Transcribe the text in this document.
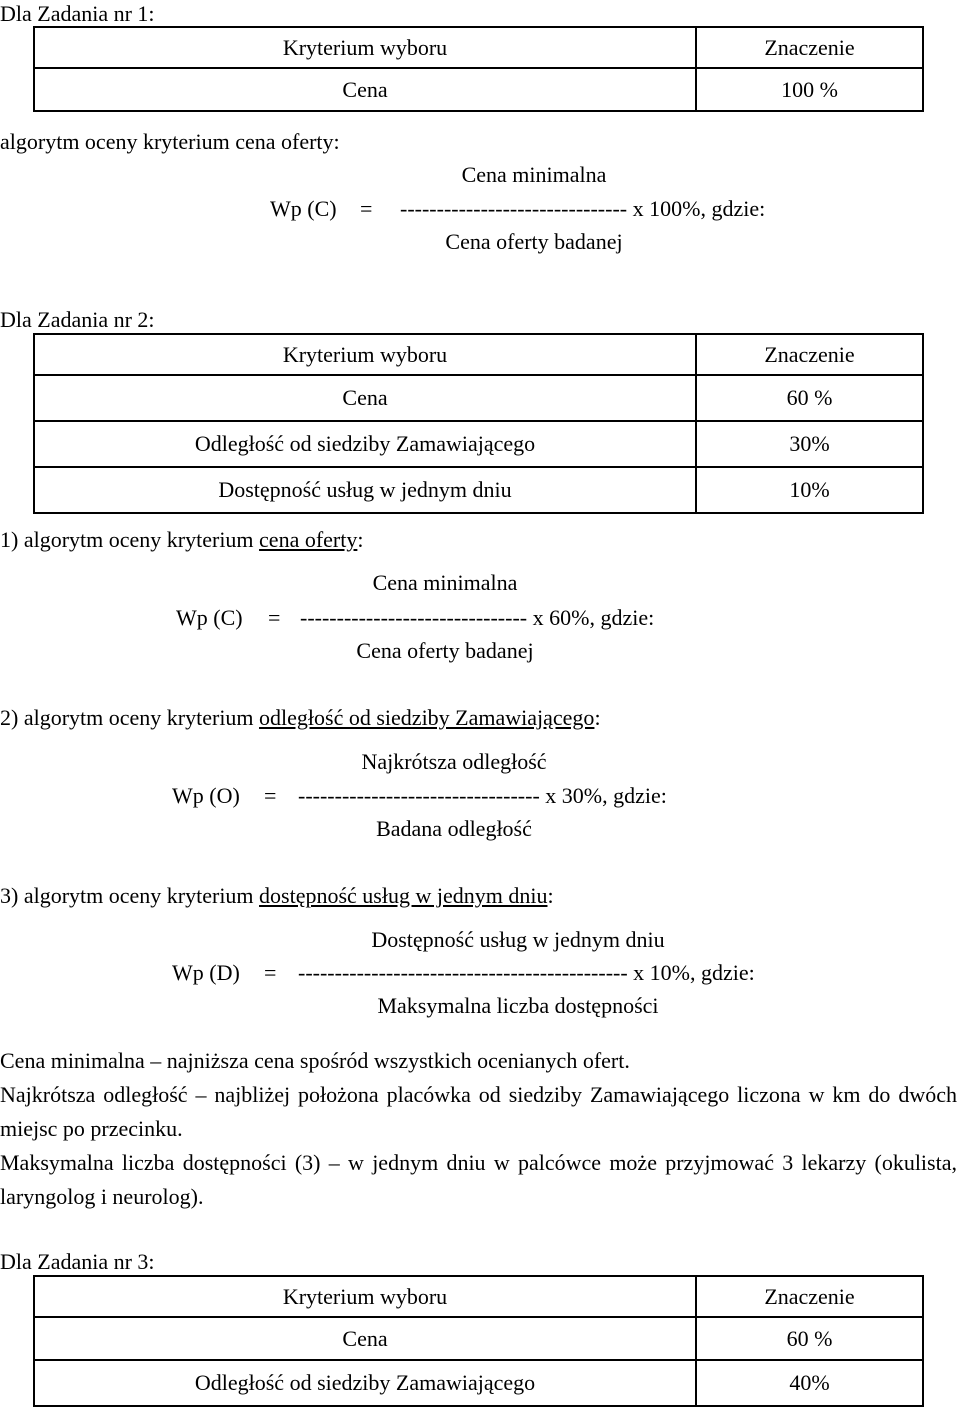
Dla Zadania nr 1:
Kryterium wyboru	Znaczenie
Cena	100 %
algorytm oceny kryterium cena oferty:
Cena minimalna
Wp (C) = ------------------------------- x 100%, gdzie:
Cena oferty badanej
Dla Zadania nr 2:
Kryterium wyboru	Znaczenie
Cena	60 %
Odległość od siedziby Zamawiającego	30%
Dostępność usług w jednym dniu	10%
1) algorytm oceny kryterium cena oferty:
Cena minimalna
Wp (C) = ------------------------------- x 60%, gdzie:
Cena oferty badanej
2) algorytm oceny kryterium odległość od siedziby Zamawiającego:
Najkrótsza odległość
Wp (O) = --------------------------------- x 30%, gdzie:
Badana odległość
3) algorytm oceny kryterium dostępność usług w jednym dniu:
Dostępność usług w jednym dniu
Wp (D) = --------------------------------------------- x 10%, gdzie:
Maksymalna liczba dostępności
Cena minimalna – najniższa cena spośród wszystkich ocenianych ofert.
Najkrótsza odległość – najbliżej położona placówka od siedziby Zamawiającego liczona w km do dwóch miejsc po przecinku.
Maksymalna liczba dostępności (3) – w jednym dniu w palcówce może przyjmować 3 lekarzy (okulista, laryngolog i neurolog).
Dla Zadania nr 3:
Kryterium wyboru	Znaczenie
Cena	60 %
Odległość od siedziby Zamawiającego	40%
